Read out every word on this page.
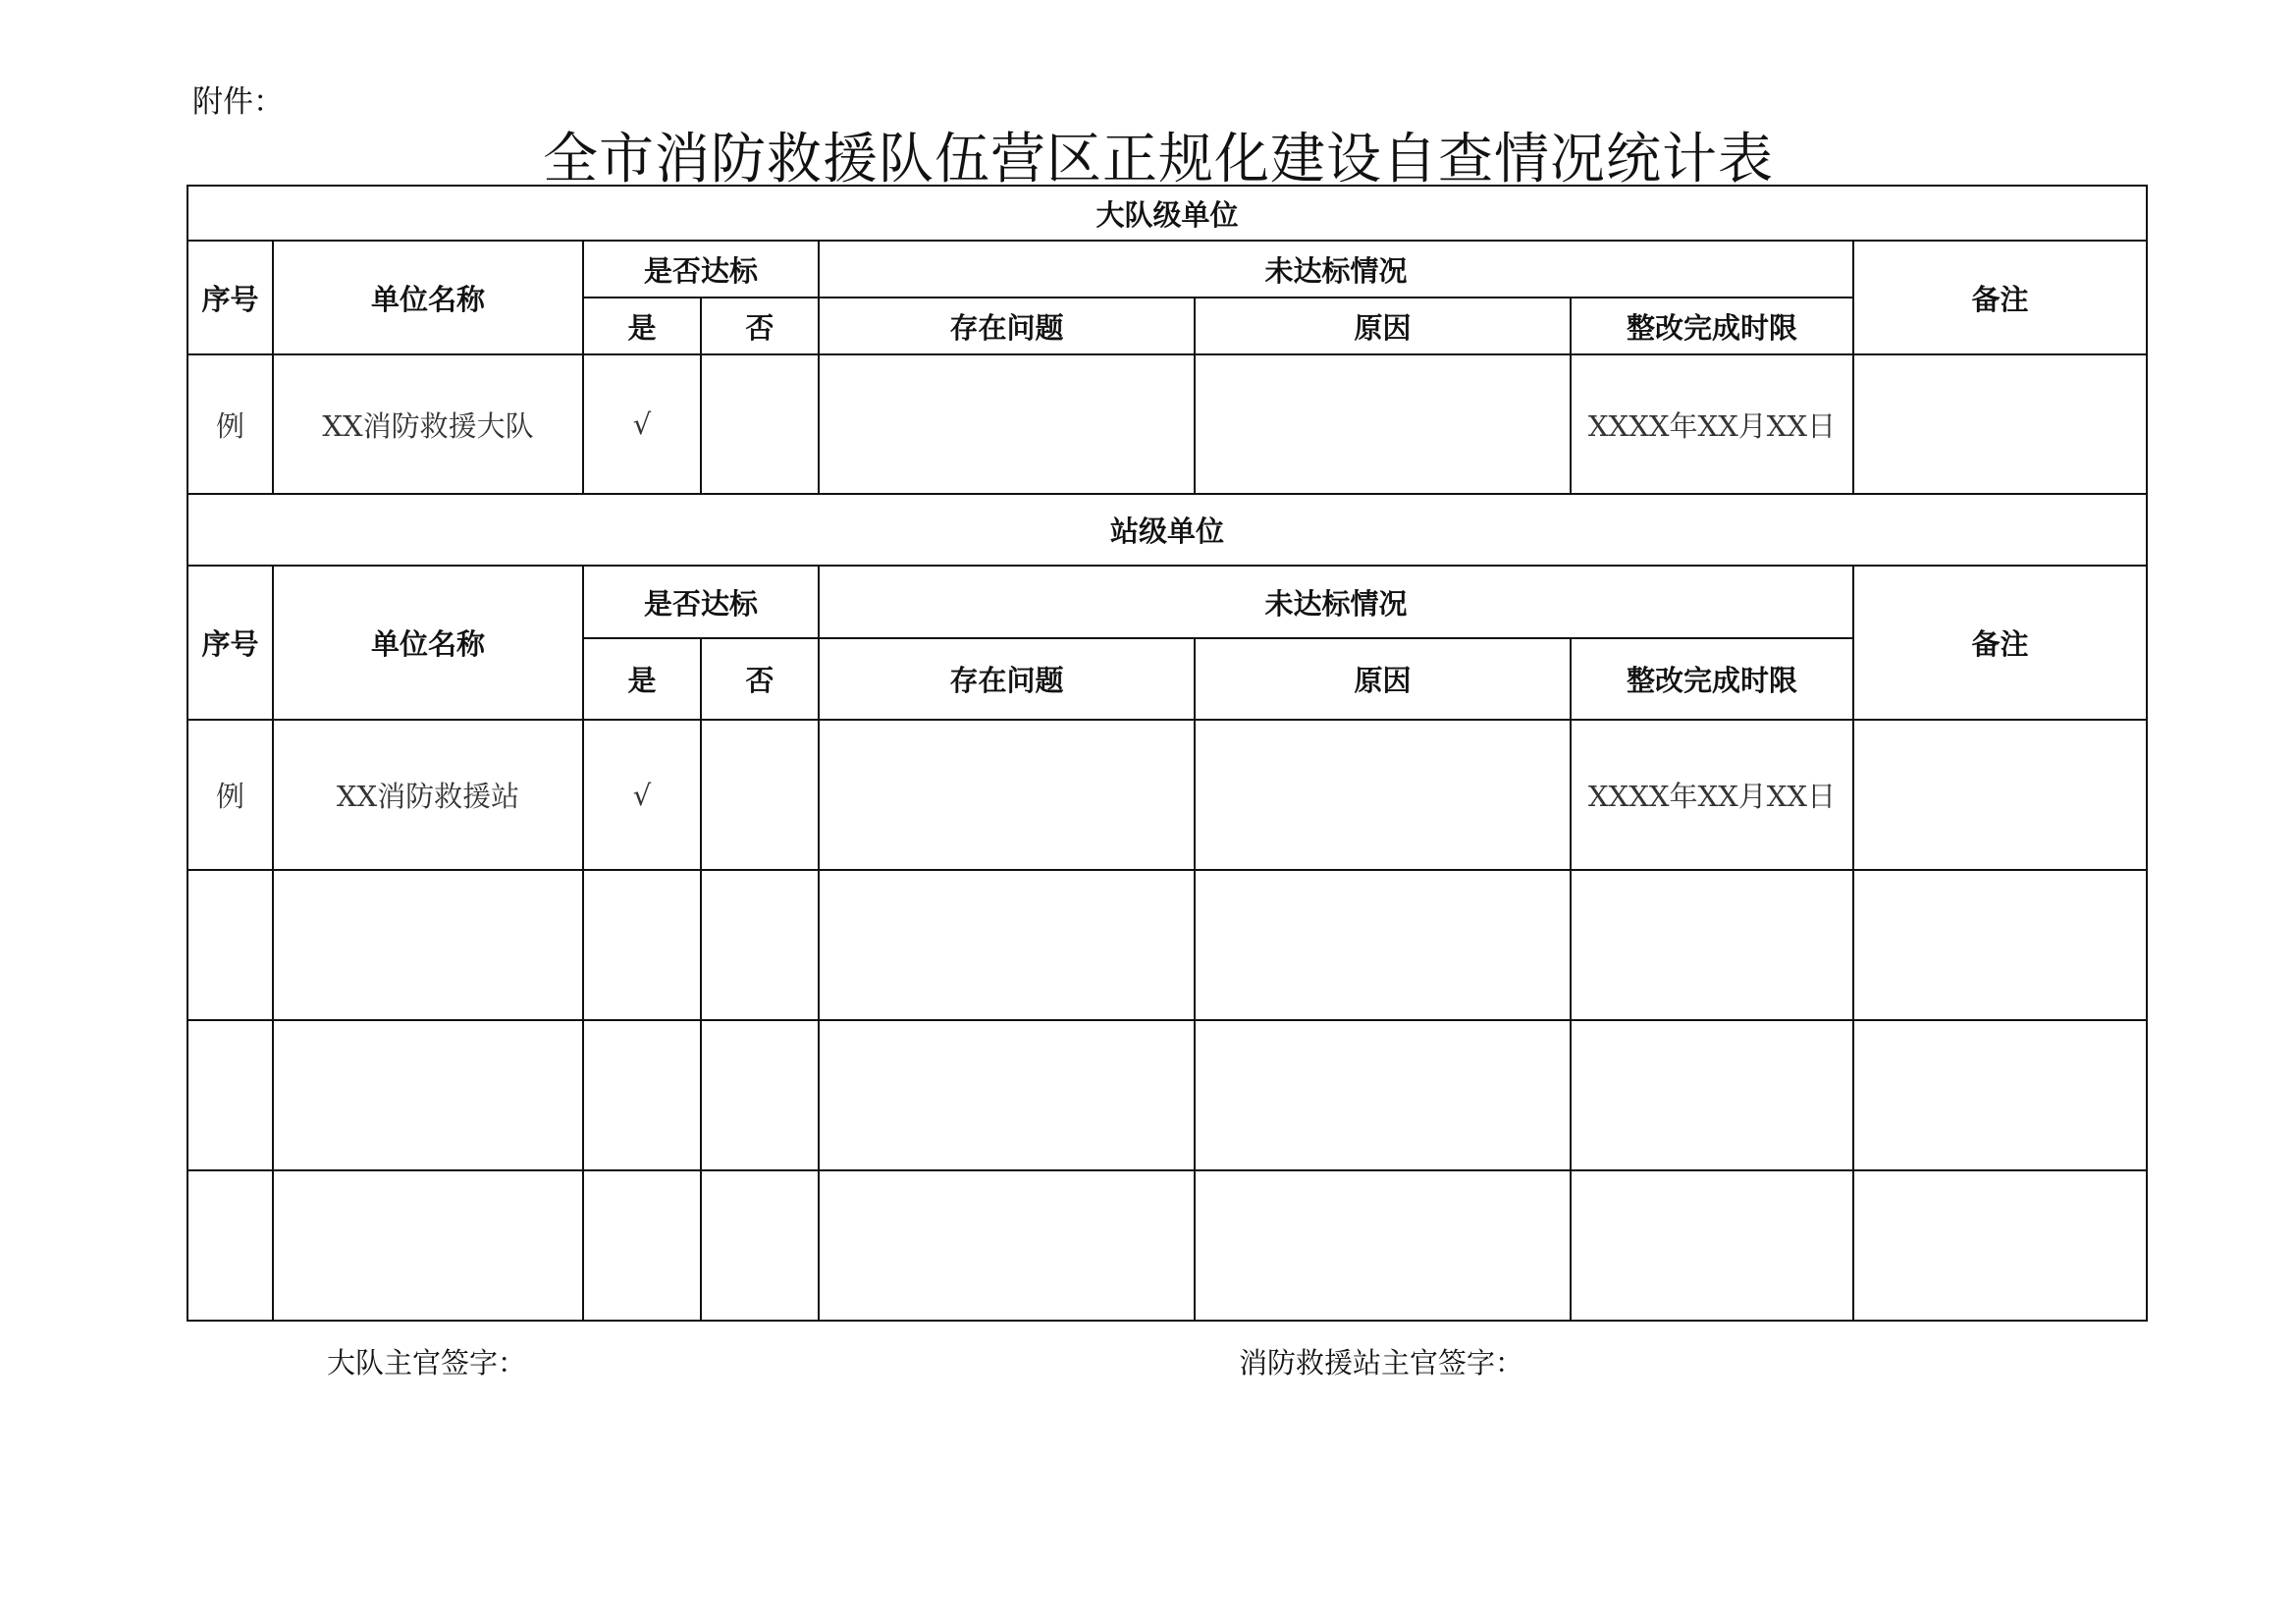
附件：
全市消防救援队伍营区正规化建设自查情况统计表
大队级单位							
序号	单位名称	是否达标		未达标情况			备注
		是	否	存在问题	原因	整改完成时限	
例	XX消防救援大队	√				XXXX年XX月XX日	
站级单位							
序号	单位名称	是否达标		未达标情况			备注
		是	否	存在问题	原因	整改完成时限	
例	XX消防救援站	√				XXXX年XX月XX日	

大队主官签字：	消防救援站主官签字：
